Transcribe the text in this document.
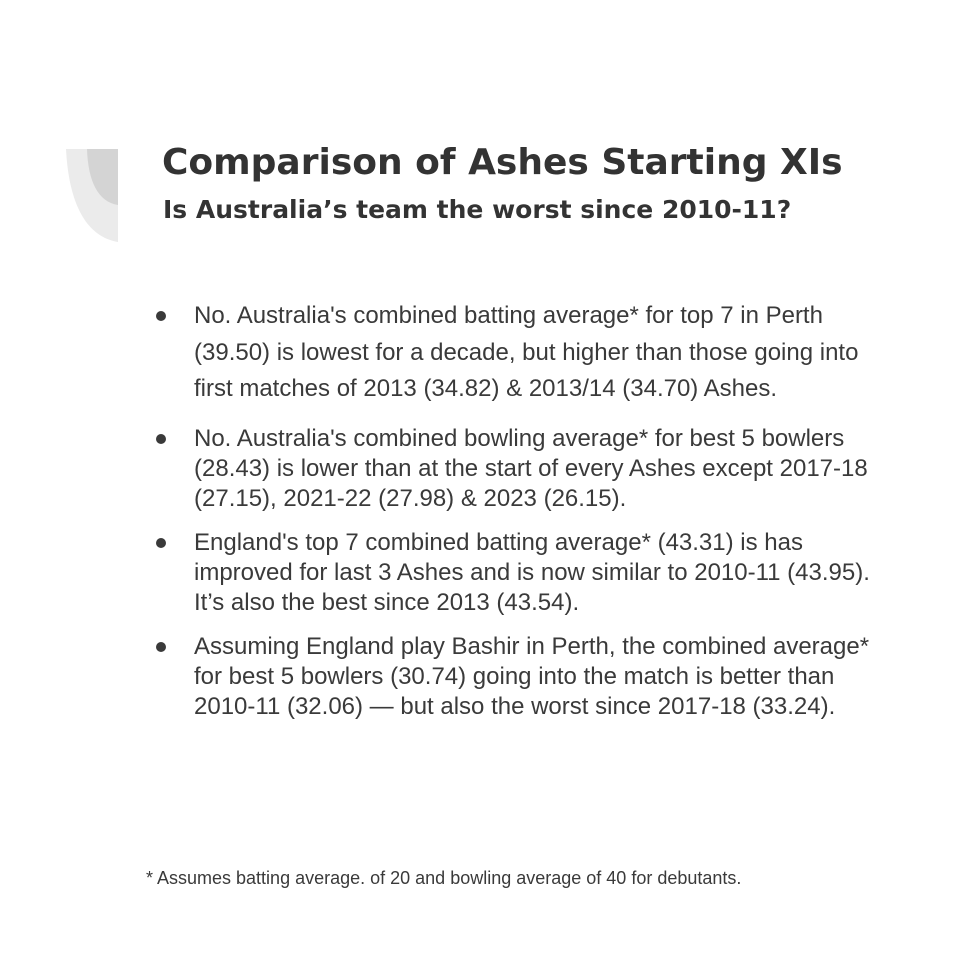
Comparison of Ashes Starting XIs
Is Australia’s team the worst since 2010-11?
No. Australia's combined batting average* for top 7 in Perth (39.50) is lowest for a decade, but higher than those going into first matches of 2013 (34.82) & 2013/14 (34.70) Ashes.
No. Australia's combined bowling average* for best 5 bowlers (28.43) is lower than at the start of every Ashes except 2017-18 (27.15), 2021-22 (27.98) & 2023 (26.15).
England's top 7 combined batting average* (43.31) is has improved for last 3 Ashes and is now similar to 2010-11 (43.95). It’s also the best since 2013 (43.54).
Assuming England play Bashir in Perth, the combined average* for best 5 bowlers (30.74) going into the match is better than 2010-11 (32.06) — but also the worst since 2017-18 (33.24).

* Assumes batting average. of 20 and bowling average of 40 for debutants.
